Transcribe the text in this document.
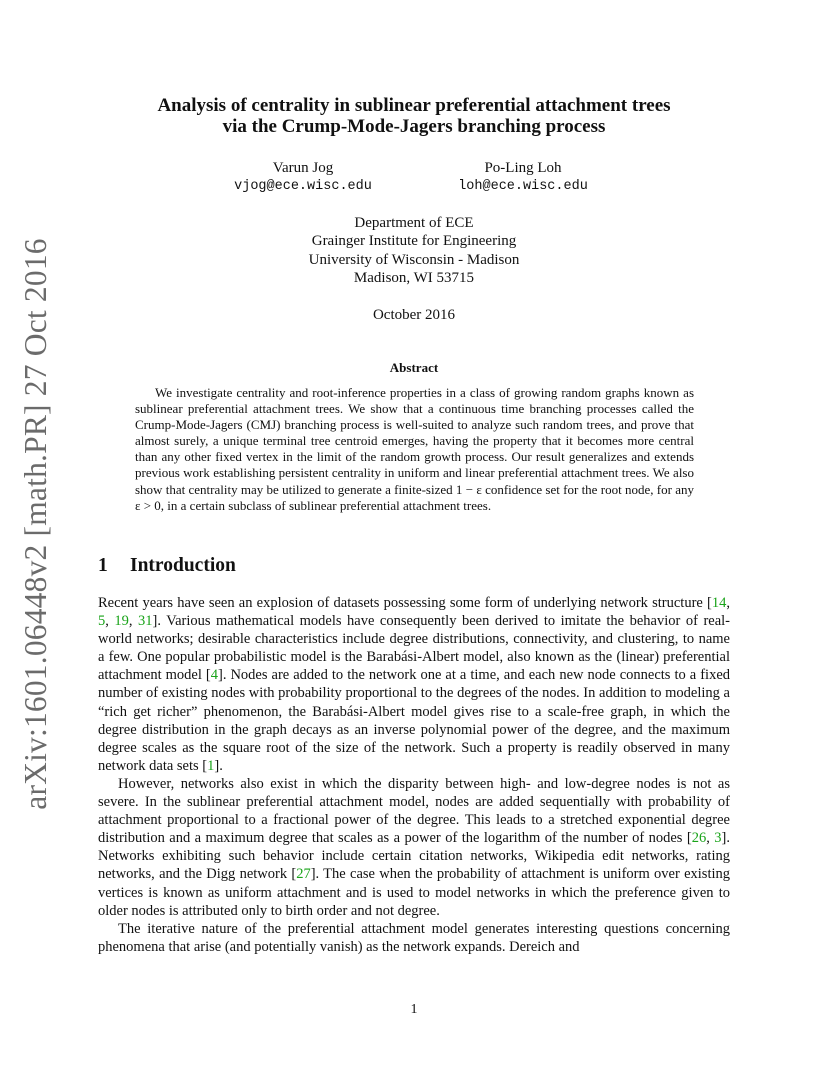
arXiv:1601.06448v2 [math.PR] 27 Oct 2016
Analysis of centrality in sublinear preferential attachment trees
via the Crump-Mode-Jagers branching process
Varun Jog
vjog@ece.wisc.edu
Po-Ling Loh
loh@ece.wisc.edu
Department of ECE
Grainger Institute for Engineering
University of Wisconsin - Madison
Madison, WI 53715
October 2016
Abstract
We investigate centrality and root-inference properties in a class of growing random graphs known as sublinear preferential attachment trees. We show that a continuous time branching processes called the Crump-Mode-Jagers (CMJ) branching process is well-suited to analyze such random trees, and prove that almost surely, a unique terminal tree centroid emerges, having the property that it becomes more central than any other fixed vertex in the limit of the random growth process. Our result generalizes and extends previous work establishing persistent centrality in uniform and linear preferential attachment trees. We also show that centrality may be utilized to generate a finite-sized 1 − ε confidence set for the root node, for any ε > 0, in a certain subclass of sublinear preferential attachment trees.
1 Introduction

Recent years have seen an explosion of datasets possessing some form of underlying network structure [14, 5, 19, 31]. Various mathematical models have consequently been derived to imitate the behavior of real-world networks; desirable characteristics include degree distributions, connectivity, and clustering, to name a few. One popular probabilistic model is the Barabási-Albert model, also known as the (linear) preferential attachment model [4]. Nodes are added to the network one at a time, and each new node connects to a fixed number of existing nodes with probability proportional to the degrees of the nodes. In addition to modeling a “rich get richer” phenomenon, the Barabási-Albert model gives rise to a scale-free graph, in which the degree distribution in the graph decays as an inverse polynomial power of the degree, and the maximum degree scales as the square root of the size of the network. Such a property is readily observed in many network data sets [1].

However, networks also exist in which the disparity between high- and low-degree nodes is not as severe. In the sublinear preferential attachment model, nodes are added sequentially with probability of attachment proportional to a fractional power of the degree. This leads to a stretched exponential degree distribution and a maximum degree that scales as a power of the logarithm of the number of nodes [26, 3]. Networks exhibiting such behavior include certain citation networks, Wikipedia edit networks, rating networks, and the Digg network [27]. The case when the probability of attachment is uniform over existing vertices is known as uniform attachment and is used to model networks in which the preference given to older nodes is attributed only to birth order and not degree.

The iterative nature of the preferential attachment model generates interesting questions concerning phenomena that arise (and potentially vanish) as the network expands. Dereich and

1
